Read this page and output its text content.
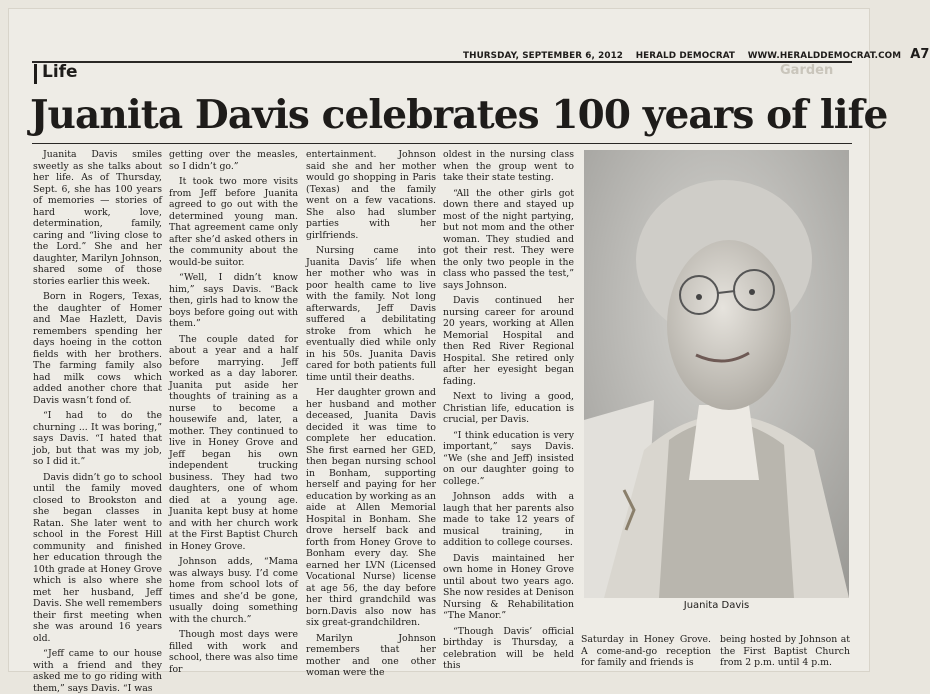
THURSDAY, SEPTEMBER 6, 2012 HERALD DEMOCRAT WWW.HERALDDEMOCRAT.COM A7
Life	Garden
Juanita Davis celebrates 100 years of life

Juanita Davis smiles sweetly as she talks about her life. As of Thursday, Sept. 6, she has 100 years of memories — stories of hard work, love, determination, family, caring and “living close to the Lord.” She and her daughter, Marilyn Johnson, shared some of those stories earlier this week.

Born in Rogers, Texas, the daughter of Homer and Mae Hazlett, Davis remembers spending her days hoeing in the cotton fields with her brothers. The farming family also had milk cows which added another chore that Davis wasn’t fond of.

“I had to do the churning ... It was boring,” says Davis. “I hated that job, but that was my job, so I did it.”

Davis didn’t go to school until the family moved closed to Brookston and she began classes in Ratan. She later went to school in the Forest Hill community and finished her education through the 10th grade at Honey Grove which is also where she met her husband, Jeff Davis. She well remembers their first meeting when she was around 16 years old.

“Jeff came to our house with a friend and they asked me to go riding with them,” says Davis. “I was

getting over the measles, so I didn’t go.”

It took two more visits from Jeff before Juanita agreed to go out with the determined young man. That agreement came only after she’d asked others in the community about the would-be suitor.

“Well, I didn’t know him,” says Davis. “Back then, girls had to know the boys before going out with them.”

The couple dated for about a year and a half before marrying. Jeff worked as a day laborer. Juanita put aside her thoughts of training as a nurse to become a housewife and, later, a mother. They continued to live in Honey Grove and Jeff began his own independent trucking business. They had two daughters, one of whom died at a young age. Juanita kept busy at home and with her church work at the First Baptist Church in Honey Grove.

Johnson adds, “Mama was always busy. I’d come home from school lots of times and she’d be gone, usually doing something with the church.”

Though most days were filled with work and school, there was also time for

entertainment. Johnson said she and her mother would go shopping in Paris (Texas) and the family went on a few vacations. She also had slumber parties with her girlfriends.

Nursing came into Juanita Davis’ life when her mother who was in poor health came to live with the family. Not long afterwards, Jeff Davis suffered a debilitating stroke from which he eventually died while only in his 50s. Juanita Davis cared for both patients full time until their deaths.

Her daughter grown and her husband and mother deceased, Juanita Davis decided it was time to complete her education. She first earned her GED, then began nursing school in Bonham, supporting herself and paying for her education by working as an aide at Allen Memorial Hospital in Bonham. She drove herself back and forth from Honey Grove to Bonham every day. She earned her LVN (Licensed Vocational Nurse) license at age 56, the day before her third grandchild was born.Davis also now has six great-grandchildren.

Marilyn Johnson remembers that her mother and one other woman were the

oldest in the nursing class when the group went to take their state testing.

“All the other girls got down there and stayed up most of the night partying, but not mom and the other woman. They studied and got their rest. They were the only two people in the class who passed the test,” says Johnson.

Davis continued her nursing career for around 20 years, working at Allen Memorial Hospital and then Red River Regional Hospital. She retired only after her eyesight began fading.

Next to living a good, Christian life, education is crucial, per Davis.

“I think education is very important,” says Davis. “We (she and Jeff) insisted on our daughter going to college.”

Johnson adds with a laugh that her parents also made to take 12 years of musical training, in addition to college courses.

Davis maintained her own home in Honey Grove until about two years ago. She now resides at Denison Nursing & Rehabilitation “The Manor.”

“Though Davis’ official birthday is Thursday, a celebration will be held this

Juanita Davis
Saturday in Honey Grove. A come-and-go reception for family and friends is
being hosted by Johnson at the First Baptist Church from 2 p.m. until 4 p.m.
